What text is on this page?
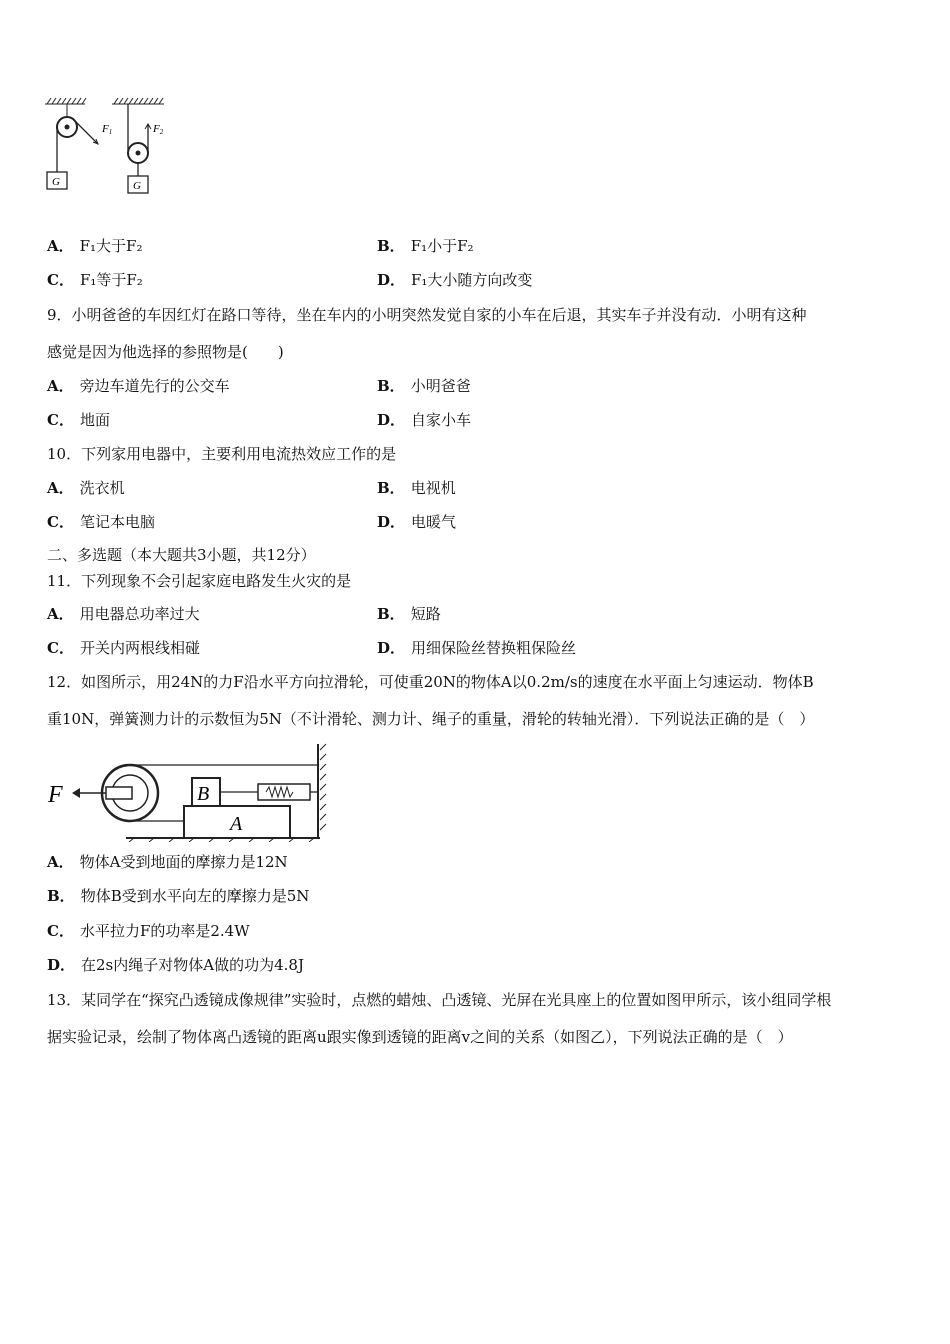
F1
G
F2
G
A． F₁大于F₂	B． F₁小于F₂
C． F₁等于F₂	D． F₁大小随方向改变
9．小明爸爸的车因红灯在路口等待，坐在车内的小明突然发觉自家的小车在后退，其实车子并没有动．小明有这种
感觉是因为他选择的参照物是(　　)
A． 旁边车道先行的公交车	B． 小明爸爸
C． 地面	D． 自家小车
10．下列家用电器中，主要利用电流热效应工作的是
A． 洗衣机	B． 电视机
C． 笔记本电脑	D． 电暖气
二、多选题（本大题共3小题，共12分）
11．下列现象不会引起家庭电路发生火灾的是
A． 用电器总功率过大	B． 短路
C． 开关内两根线相碰	D． 用细保险丝替换粗保险丝
12．如图所示，用24N的力F沿水平方向拉滑轮，可使重20N的物体A以0.2m/s的速度在水平面上匀速运动．物体B
重10N，弹簧测力计的示数恒为5N（不计滑轮、测力计、绳子的重量，滑轮的转轴光滑）．下列说法正确的是（　）
A
B
F
A． 物体A受到地面的摩擦力是12N
B． 物体B受到水平向左的摩擦力是5N
C． 水平拉力F的功率是2.4W
D． 在2s内绳子对物体A做的功为4.8J
13．某同学在“探究凸透镜成像规律”实验时，点燃的蜡烛、凸透镜、光屏在光具座上的位置如图甲所示，该小组同学根
据实验记录，绘制了物体离凸透镜的距离u跟实像到透镜的距离v之间的关系（如图乙），下列说法正确的是（　）
